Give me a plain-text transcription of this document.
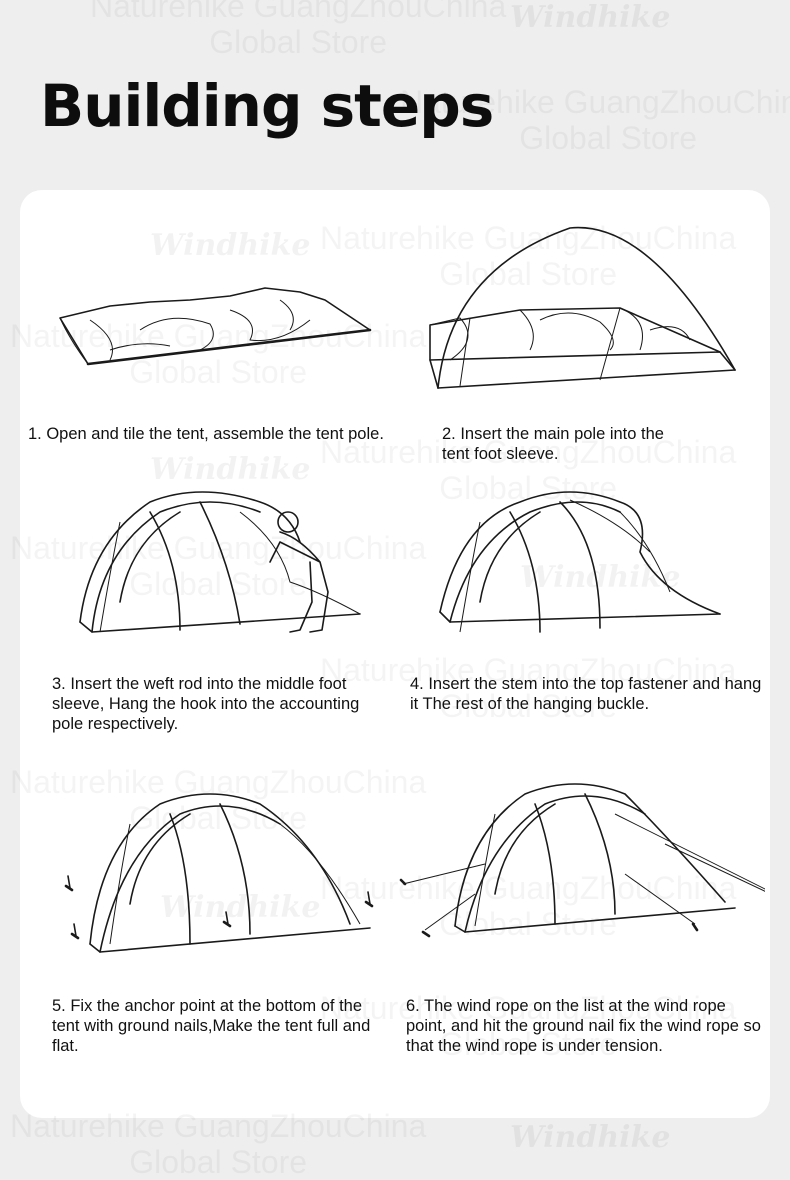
Windhike
Building steps
Windhike
Windhike
Windhike
Windhike
1. Open and tile the tent, assemble the tent pole.	2. Insert the main pole into the tent foot sleeve.
3. Insert the weft rod into the middle foot sleeve, Hang the hook into the accounting pole respectively.
4. Insert the stem into the top fastener and hang it The rest of the hanging buckle.
5. Fix the anchor point at the bottom of the tent with ground nails,Make the tent full and flat.
6. The wind rope on the list at the wind rope point, and hit the ground nail fix the wind rope so that the wind rope is under tension.
Windhike
